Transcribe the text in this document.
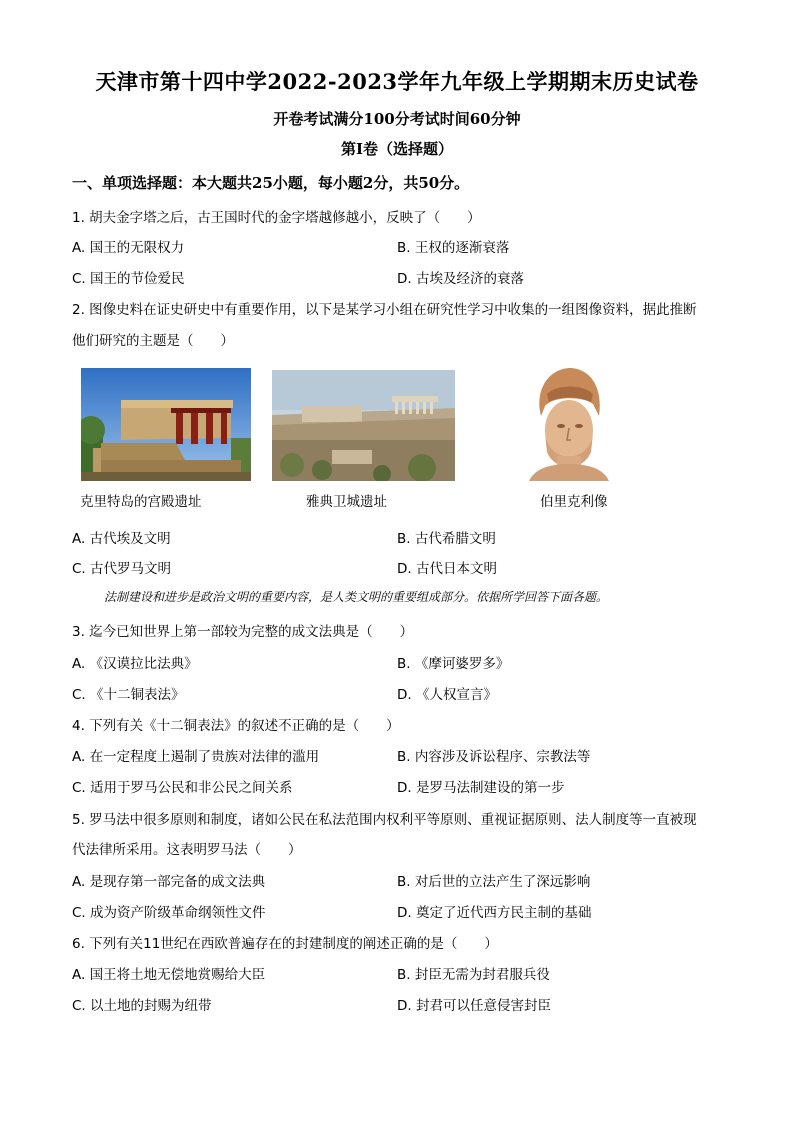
天津市第十四中学2022-2023学年九年级上学期期末历史试卷
开卷考试满分100分考试时间60分钟
第Ⅰ卷（选择题）
一、单项选择题：本大题共25小题，每小题2分，共50分。
1. 胡夫金字塔之后，古王国时代的金字塔越修越小，反映了（　　）
A. 国王的无限权力	B. 王权的逐渐衰落
C. 国王的节俭爱民	D. 古埃及经济的衰落
2. 图像史料在证史研史中有重要作用，以下是某学习小组在研究性学习中收集的一组图像资料，据此推断
他们研究的主题是（　　）
克里特岛的宫殿遗址	雅典卫城遗址	伯里克利像
A. 古代埃及文明	B. 古代希腊文明
C. 古代罗马文明	D. 古代日本文明
法制建设和进步是政治文明的重要内容，是人类文明的重要组成部分。依据所学回答下面各题。
3. 迄今已知世界上第一部较为完整的成文法典是（　　）
A. 《汉谟拉比法典》	B. 《摩诃婆罗多》
C. 《十二铜表法》	D. 《人权宣言》
4. 下列有关《十二铜表法》的叙述不正确的是（　　）
A. 在一定程度上遏制了贵族对法律的滥用	B. 内容涉及诉讼程序、宗教法等
C. 适用于罗马公民和非公民之间关系	D. 是罗马法制建设的第一步
5. 罗马法中很多原则和制度，诸如公民在私法范围内权利平等原则、重视证据原则、法人制度等一直被现
代法律所采用。这表明罗马法（　　）
A. 是现存第一部完备的成文法典	B. 对后世的立法产生了深远影响
C. 成为资产阶级革命纲领性文件	D. 奠定了近代西方民主制的基础
6. 下列有关11世纪在西欧普遍存在的封建制度的阐述正确的是（　　）
A. 国王将土地无偿地赏赐给大臣	B. 封臣无需为封君服兵役
C. 以土地的封赐为纽带	D. 封君可以任意侵害封臣
